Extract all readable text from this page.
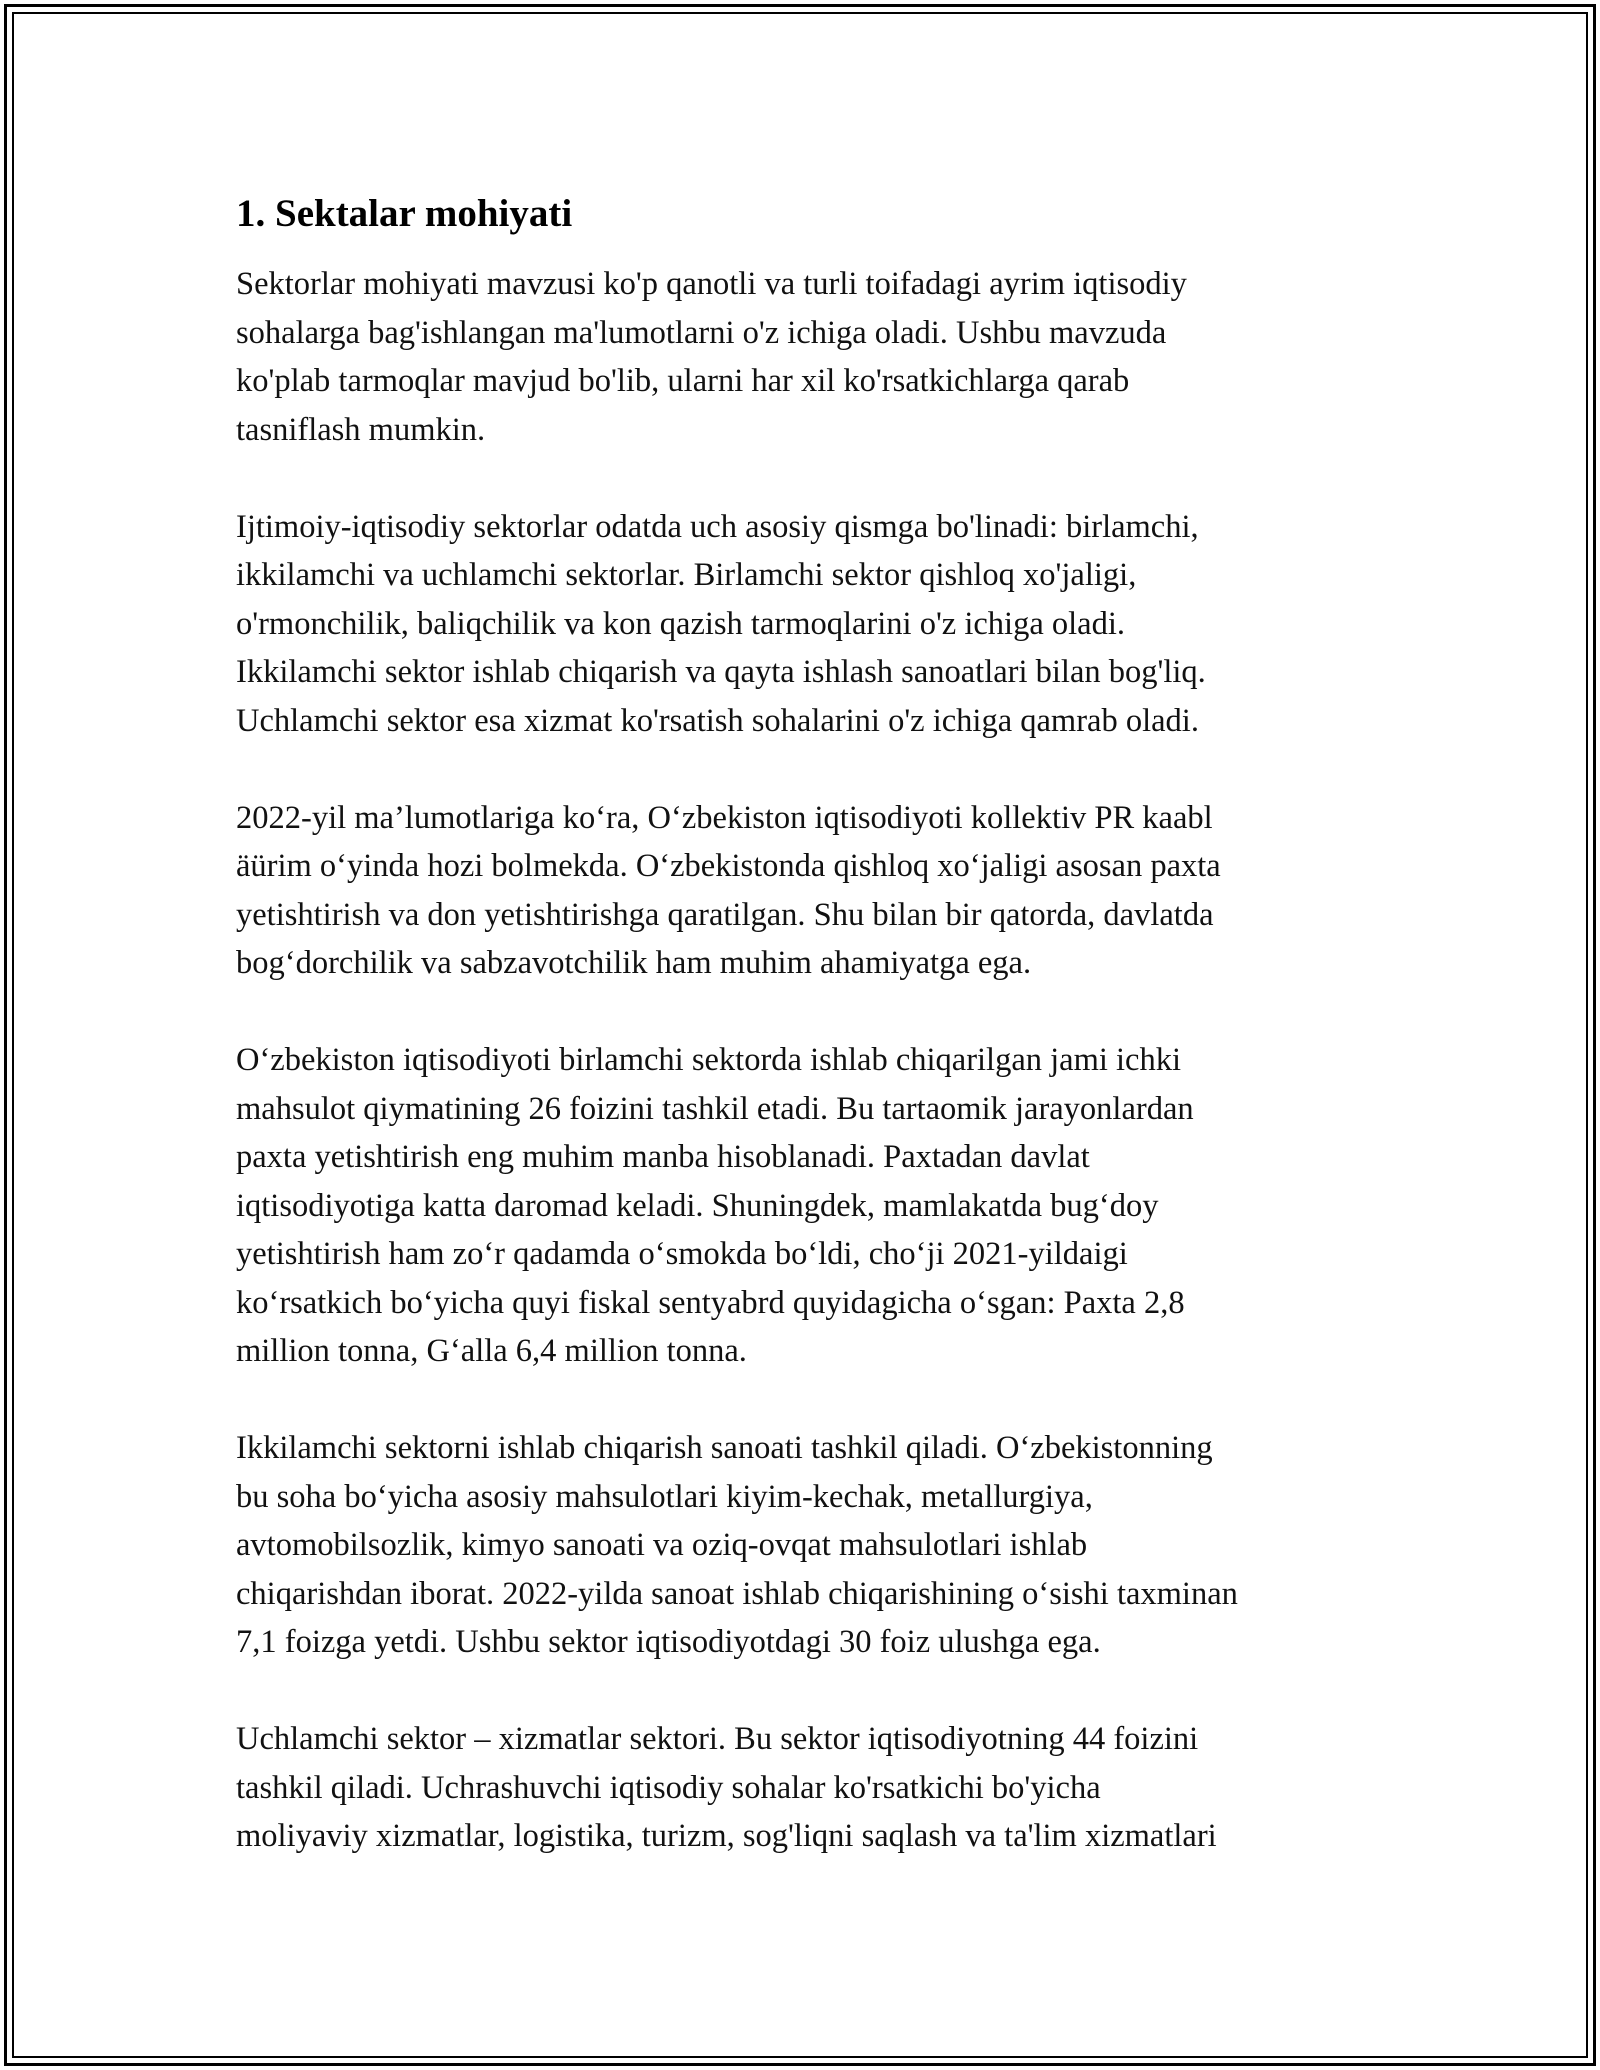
1. Sektalar mohiyati

Sektorlar mohiyati mavzusi ko'p qanotli va turli toifadagi ayrim iqtisodiy
sohalarga bag'ishlangan ma'lumotlarni o'z ichiga oladi. Ushbu mavzuda
ko'plab tarmoqlar mavjud bo'lib, ularni har xil ko'rsatkichlarga qarab
tasniflash mumkin.

Ijtimoiy-iqtisodiy sektorlar odatda uch asosiy qismga bo'linadi: birlamchi,
ikkilamchi va uchlamchi sektorlar. Birlamchi sektor qishloq xo'jaligi,
o'rmonchilik, baliqchilik va kon qazish tarmoqlarini o'z ichiga oladi.
Ikkilamchi sektor ishlab chiqarish va qayta ishlash sanoatlari bilan bog'liq.
Uchlamchi sektor esa xizmat ko'rsatish sohalarini o'z ichiga qamrab oladi.

2022-yil ma’lumotlariga ko‘ra, O‘zbekiston iqtisodiyoti kollektiv PR kaabl
äürim o‘yinda hozi bolmekda. O‘zbekistonda qishloq xo‘jaligi asosan paxta
yetishtirish va don yetishtirishga qaratilgan. Shu bilan bir qatorda, davlatda
bog‘dorchilik va sabzavotchilik ham muhim ahamiyatga ega.

O‘zbekiston iqtisodiyoti birlamchi sektorda ishlab chiqarilgan jami ichki
mahsulot qiymatining 26 foizini tashkil etadi. Bu tartaomik jarayonlardan
paxta yetishtirish eng muhim manba hisoblanadi. Paxtadan davlat
iqtisodiyotiga katta daromad keladi. Shuningdek, mamlakatda bug‘doy
yetishtirish ham zo‘r qadamda o‘smokda bo‘ldi, cho‘ji 2021-yildaigi
ko‘rsatkich bo‘yicha quyi fiskal sentyabrd quyidagicha o‘sgan: Paxta 2,8
million tonna, G‘alla 6,4 million tonna.

Ikkilamchi sektorni ishlab chiqarish sanoati tashkil qiladi. O‘zbekistonning
bu soha bo‘yicha asosiy mahsulotlari kiyim-kechak, metallurgiya,
avtomobilsozlik, kimyo sanoati va oziq-ovqat mahsulotlari ishlab
chiqarishdan iborat. 2022-yilda sanoat ishlab chiqarishining o‘sishi taxminan
7,1 foizga yetdi. Ushbu sektor iqtisodiyotdagi 30 foiz ulushga ega.

Uchlamchi sektor – xizmatlar sektori. Bu sektor iqtisodiyotning 44 foizini
tashkil qiladi. Uchrashuvchi iqtisodiy sohalar ko'rsatkichi bo'yicha
moliyaviy xizmatlar, logistika, turizm, sog'liqni saqlash va ta'lim xizmatlari
